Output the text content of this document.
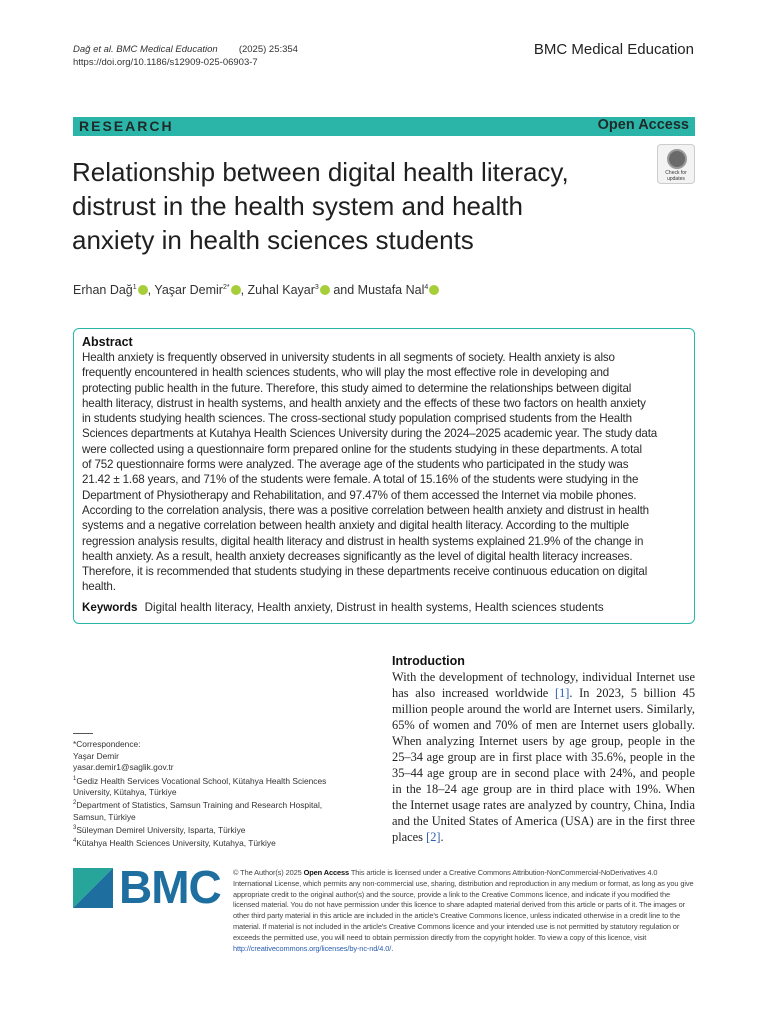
Dağ et al. BMC Medical Education (2025) 25:354
https://doi.org/10.1186/s12909-025-06903-7
BMC Medical Education
RESEARCH	Open Access
Relationship between digital health literacy,
distrust in the health system and health
anxiety in health sciences students
Check for updates
Erhan Dağ$^1$ , Yaşar Demir$^{2*}$ , Zuhal Kayar$^3$ and Mustafa Nal$^4$
Abstract
Health anxiety is frequently observed in university students in all segments of society. Health anxiety is also
frequently encountered in health sciences students, who will play the most effective role in developing and
protecting public health in the future. Therefore, this study aimed to determine the relationships between digital
health literacy, distrust in health systems, and health anxiety and the effects of these two factors on health anxiety
in students studying health sciences. The cross-sectional study population comprised students from the Health
Sciences departments at Kutahya Health Sciences University during the 2024–2025 academic year. The study data
were collected using a questionnaire form prepared online for the students studying in these departments. A total
of 752 questionnaire forms were analyzed. The average age of the students who participated in the study was
21.42 ± 1.68 years, and 71% of the students were female. A total of 15.16% of the students were studying in the
Department of Physiotherapy and Rehabilitation, and 97.47% of them accessed the Internet via mobile phones.
According to the correlation analysis, there was a positive correlation between health anxiety and distrust in health
systems and a negative correlation between health anxiety and digital health literacy. According to the multiple
regression analysis results, digital health literacy and distrust in health systems explained 21.9% of the change in
health anxiety. As a result, health anxiety decreases significantly as the level of digital health literacy increases.
Therefore, it is recommended that students studying in these departments receive continuous education on digital
health.
Keywords Digital health literacy, Health anxiety, Distrust in health systems, Health sciences students
Introduction
With the development of technology, individual Internet use has also increased worldwide [1]. In 2023, 5 billion 45 million people around the world are Internet users. Similarly, 65% of women and 70% of men are Internet users globally. When analyzing Internet users by age group, people in the 25–34 age group are in first place with 35.6%, people in the 35–44 age group are in second place with 24%, and people in the 18–24 age group are in third place with 19%. When the Internet usage rates are analyzed by country, China, India and the United States of America (USA) are in the first three places [2].
*Correspondence:
Yaşar Demir
yasar.demir1@saglik.gov.tr
$^1$Gediz Health Services Vocational School, Kütahya Health Sciences University, Kütahya, Türkiye
$^2$Department of Statistics, Samsun Training and Research Hospital, Samsun, Türkiye
$^3$Süleyman Demirel University, Isparta, Türkiye
$^4$Kütahya Health Sciences University, Kutahya, Türkiye
BMC © The Author(s) 2025 Open Access This article is licensed under a Creative Commons Attribution-NonCommercial-NoDerivatives 4.0 International License, which permits any non-commercial use, sharing, distribution and reproduction in any medium or format, as long as you give appropriate credit to the original author(s) and the source, provide a link to the Creative Commons licence, and indicate if you modified the licensed material. You do not have permission under this licence to share adapted material derived from this article or parts of it. The images or other third party material in this article are included in the article's Creative Commons licence, unless indicated otherwise in a credit line to the material. If material is not included in the article's Creative Commons licence and your intended use is not permitted by statutory regulation or exceeds the permitted use, you will need to obtain permission directly from the copyright holder. To view a copy of this licence, visit http://creativecommons.org/licenses/by-nc-nd/4.0/.
